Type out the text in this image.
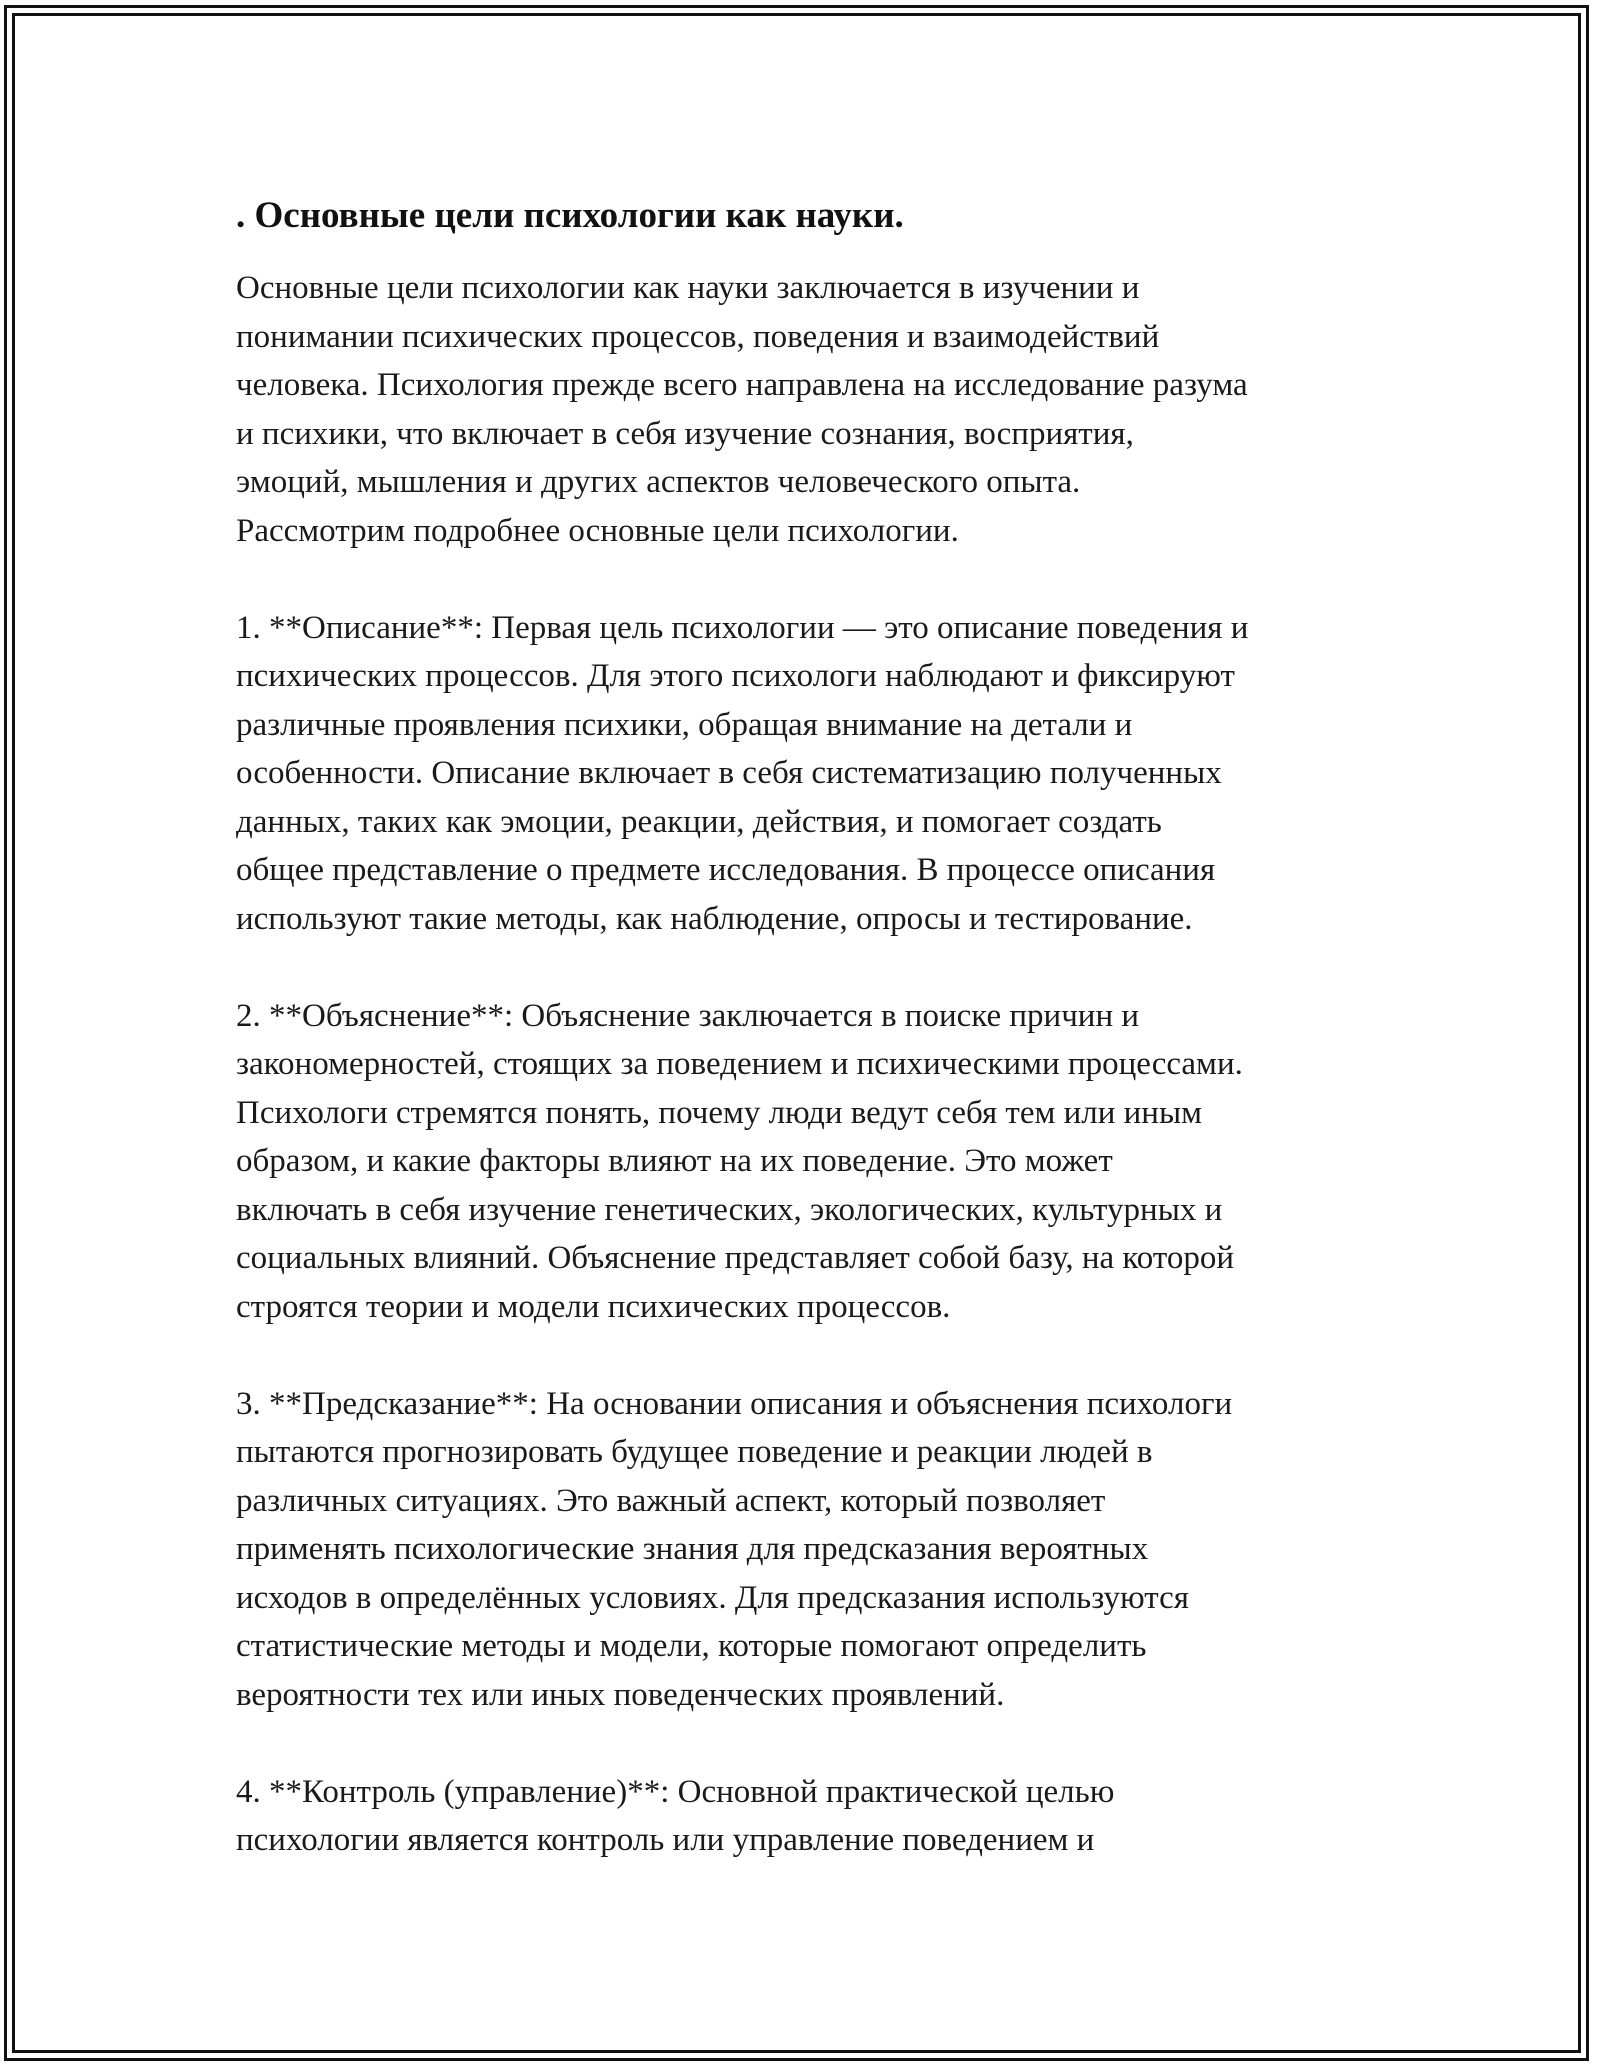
. Основные цели психологии как науки.
Основные цели психологии как науки заключается в изучении и
понимании психических процессов, поведения и взаимодействий
человека. Психология прежде всего направлена на исследование разума
и психики, что включает в себя изучение сознания, восприятия,
эмоций, мышления и других аспектов человеческого опыта.
Рассмотрим подробнее основные цели психологии.
1. **Описание**: Первая цель психологии — это описание поведения и
психических процессов. Для этого психологи наблюдают и фиксируют
различные проявления психики, обращая внимание на детали и
особенности. Описание включает в себя систематизацию полученных
данных, таких как эмоции, реакции, действия, и помогает создать
общее представление о предмете исследования. В процессе описания
используют такие методы, как наблюдение, опросы и тестирование.
2. **Объяснение**: Объяснение заключается в поиске причин и
закономерностей, стоящих за поведением и психическими процессами.
Психологи стремятся понять, почему люди ведут себя тем или иным
образом, и какие факторы влияют на их поведение. Это может
включать в себя изучение генетических, экологических, культурных и
социальных влияний. Объяснение представляет собой базу, на которой
строятся теории и модели психических процессов.
3. **Предсказание**: На основании описания и объяснения психологи
пытаются прогнозировать будущее поведение и реакции людей в
различных ситуациях. Это важный аспект, который позволяет
применять психологические знания для предсказания вероятных
исходов в определённых условиях. Для предсказания используются
статистические методы и модели, которые помогают определить
вероятности тех или иных поведенческих проявлений.
4. **Контроль (управление)**: Основной практической целью
психологии является контроль или управление поведением и
